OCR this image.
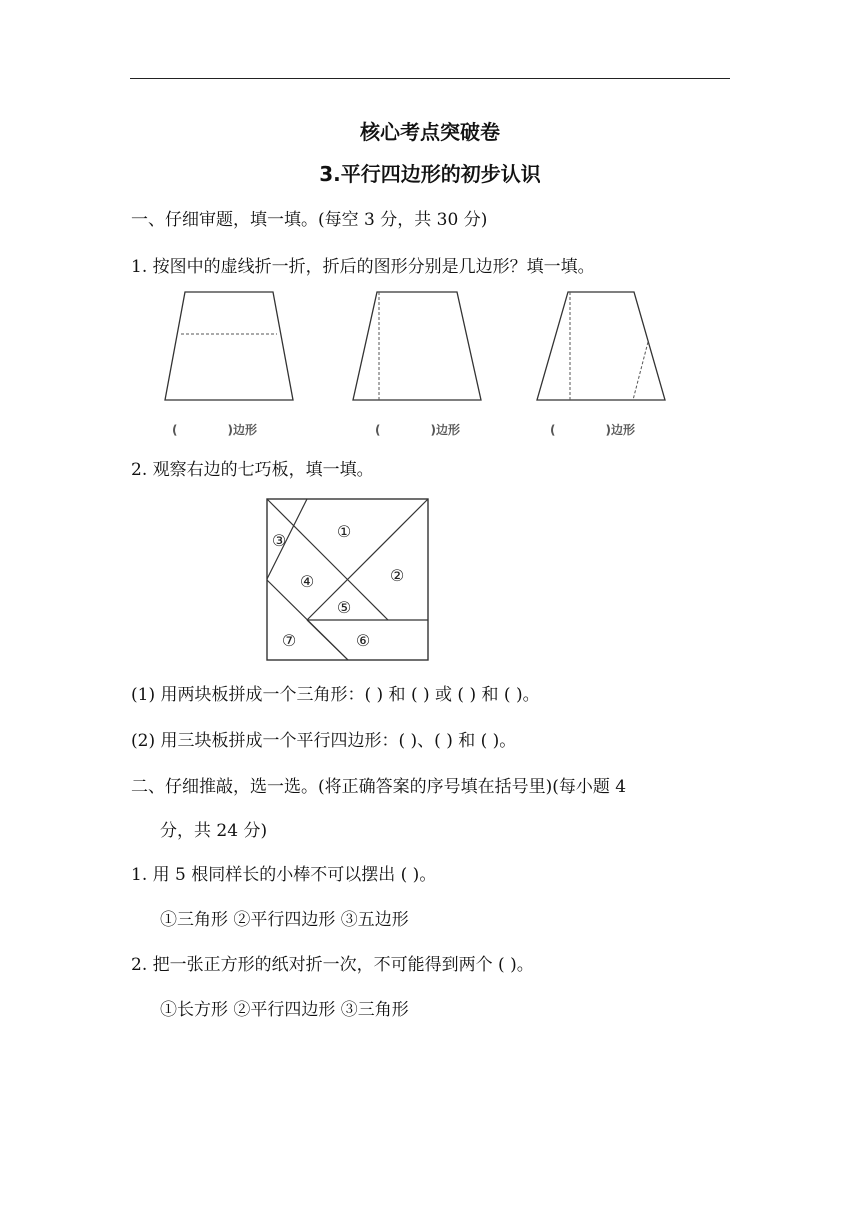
核心考点突破卷
3.平行四边形的初步认识
一、仔细审题，填一填。(每空 3 分，共 30 分)
1. 按图中的虚线折一折，折后的图形分别是几边形？填一填。
(	)边形	(	)边形	(	)边形
2. 观察右边的七巧板，填一填。
①
②
③
④
⑤
⑥
⑦
(1) 用两块板拼成一个三角形：( ) 和 ( ) 或 ( ) 和 ( )。
(2) 用三块板拼成一个平行四边形：( )、( ) 和 ( )。
二、仔细推敲，选一选。(将正确答案的序号填在括号里)(每小题 4
分，共 24 分)
1. 用 5 根同样长的小棒不可以摆出 ( )。
①三角形 ②平行四边形 ③五边形
2. 把一张正方形的纸对折一次，不可能得到两个 ( )。
①长方形 ②平行四边形 ③三角形
